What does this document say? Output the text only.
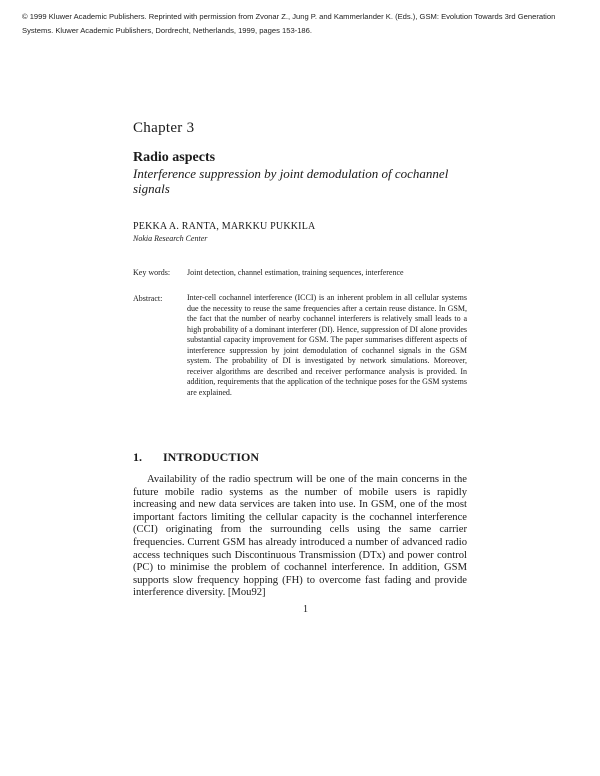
© 1999 Kluwer Academic Publishers. Reprinted with permission from Zvonar Z., Jung P. and Kammerlander K. (Eds.), GSM: Evolution Towards 3rd Generation Systems. Kluwer Academic Publishers, Dordrecht, Netherlands, 1999, pages 153-186.
Chapter 3
Radio aspects
Interference suppression by joint demodulation of cochannel signals
PEKKA A. RANTA, MARKKU PUKKILA
Nokia Research Center
Key words: Joint detection, channel estimation, training sequences, interference
Abstract:	Inter-cell cochannel interference (ICCI) is an inherent problem in all cellular systems due the necessity to reuse the same frequencies after a certain reuse distance. In GSM, the fact that the number of nearby cochannel interferers is relatively small leads to a high probability of a dominant interferer (DI). Hence, suppression of DI alone provides substantial capacity improvement for GSM. The paper summarises different aspects of interference suppression by joint demodulation of cochannel signals in the GSM system. The probability of DI is investigated by network simulations. Moreover, receiver algorithms are described and receiver performance analysis is provided. In addition, requirements that the application of the technique poses for the GSM systems are explained.

1. INTRODUCTION

Availability of the radio spectrum will be one of the main concerns in the future mobile radio systems as the number of mobile users is rapidly increasing and new data services are taken into use. In GSM, one of the most important factors limiting the cellular capacity is the cochannel interference (CCI) originating from the surrounding cells using the same carrier frequencies. Current GSM has already introduced a number of advanced radio access techniques such Discontinuous Transmission (DTx) and power control (PC) to minimise the problem of cochannel interference. In addition, GSM supports slow frequency hopping (FH) to overcome fast fading and provide interference diversity. [Mou92]

1
